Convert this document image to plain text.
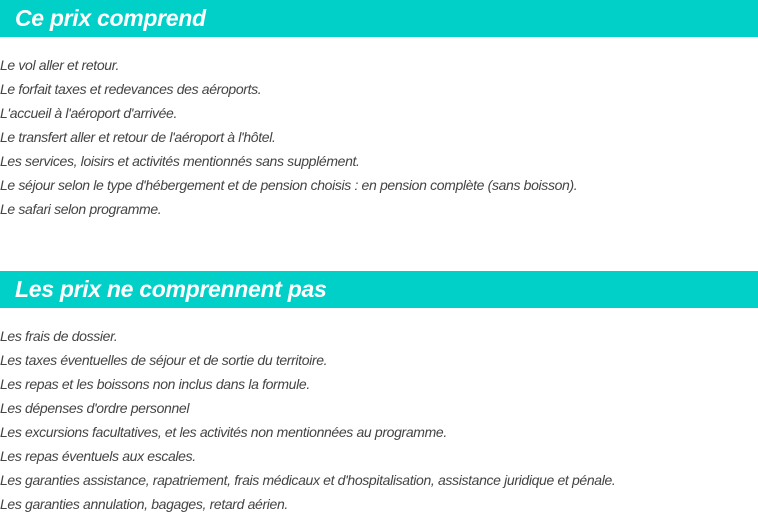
Ce prix comprend
Le vol aller et retour.
Le forfait taxes et redevances des aéroports.
L'accueil à l'aéroport d'arrivée.
Le transfert aller et retour de l'aéroport à l'hôtel.
Les services, loisirs et activités mentionnés sans supplément.
Le séjour selon le type d'hébergement et de pension choisis : en pension complète (sans boisson).
Le safari selon programme.
Les prix ne comprennent pas
Les frais de dossier.
Les taxes éventuelles de séjour et de sortie du territoire.
Les repas et les boissons non inclus dans la formule.
Les dépenses d'ordre personnel
Les excursions facultatives, et les activités non mentionnées au programme.
Les repas éventuels aux escales.
Les garanties assistance, rapatriement, frais médicaux et d'hospitalisation, assistance juridique et pénale.
Les garanties annulation, bagages, retard aérien.
